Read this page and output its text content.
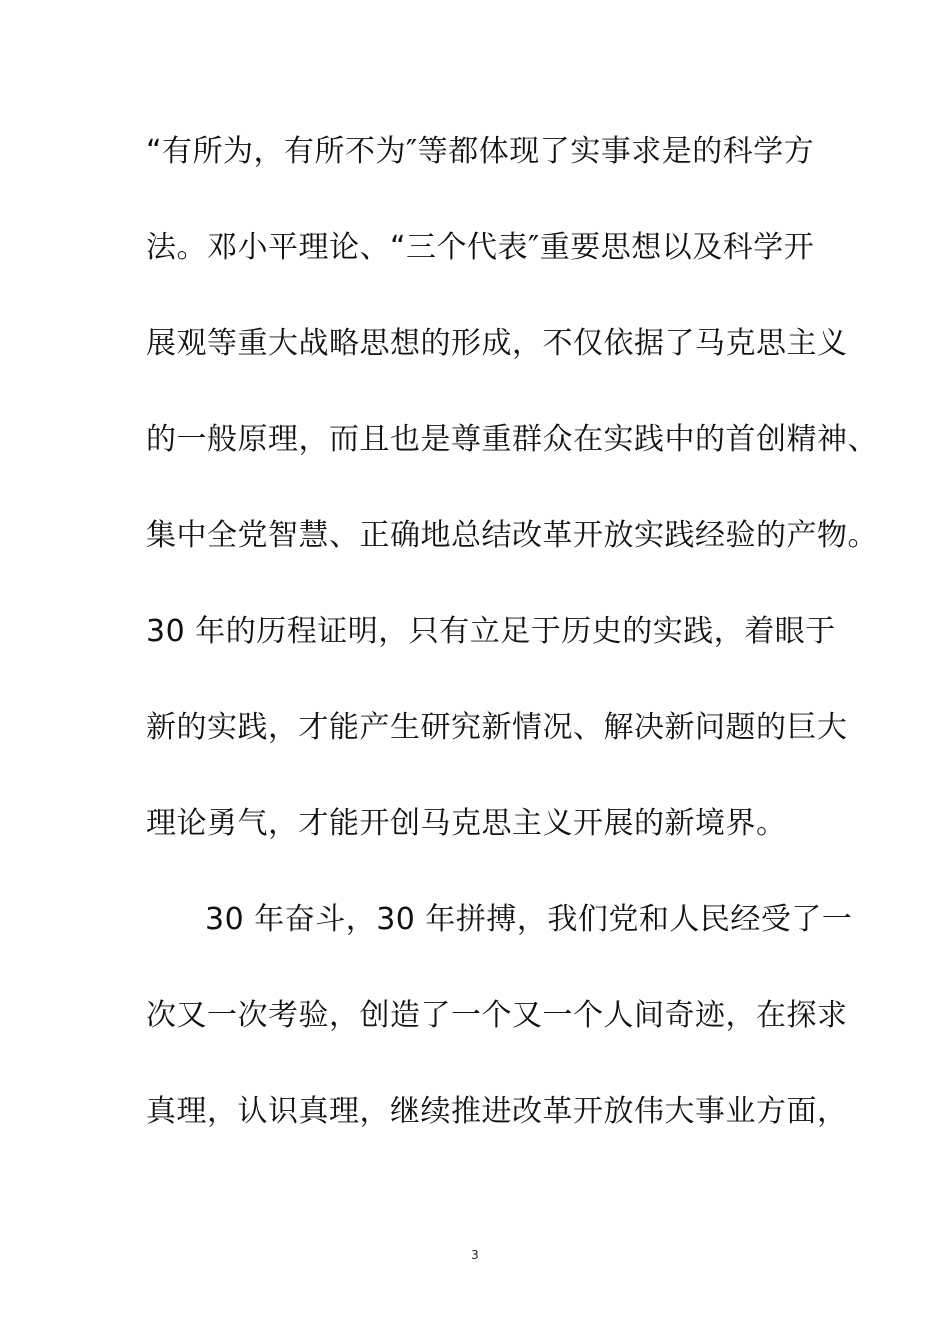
“有所为，有所不为″等都体现了实事求是的科学方
法。邓小平理论、“三个代表″重要思想以及科学开
展观等重大战略思想的形成，不仅依据了马克思主义
的一般原理，而且也是尊重群众在实践中的首创精神、
集中全党智慧、正确地总结改革开放实践经验的产物。
30 年的历程证明，只有立足于历史的实践，着眼于
新的实践，才能产生研究新情况、解决新问题的巨大
理论勇气，才能开创马克思主义开展的新境界。
30 年奋斗，30 年拼搏，我们党和人民经受了一
次又一次考验，创造了一个又一个人间奇迹，在探求
真理，认识真理，继续推进改革开放伟大事业方面，
3
